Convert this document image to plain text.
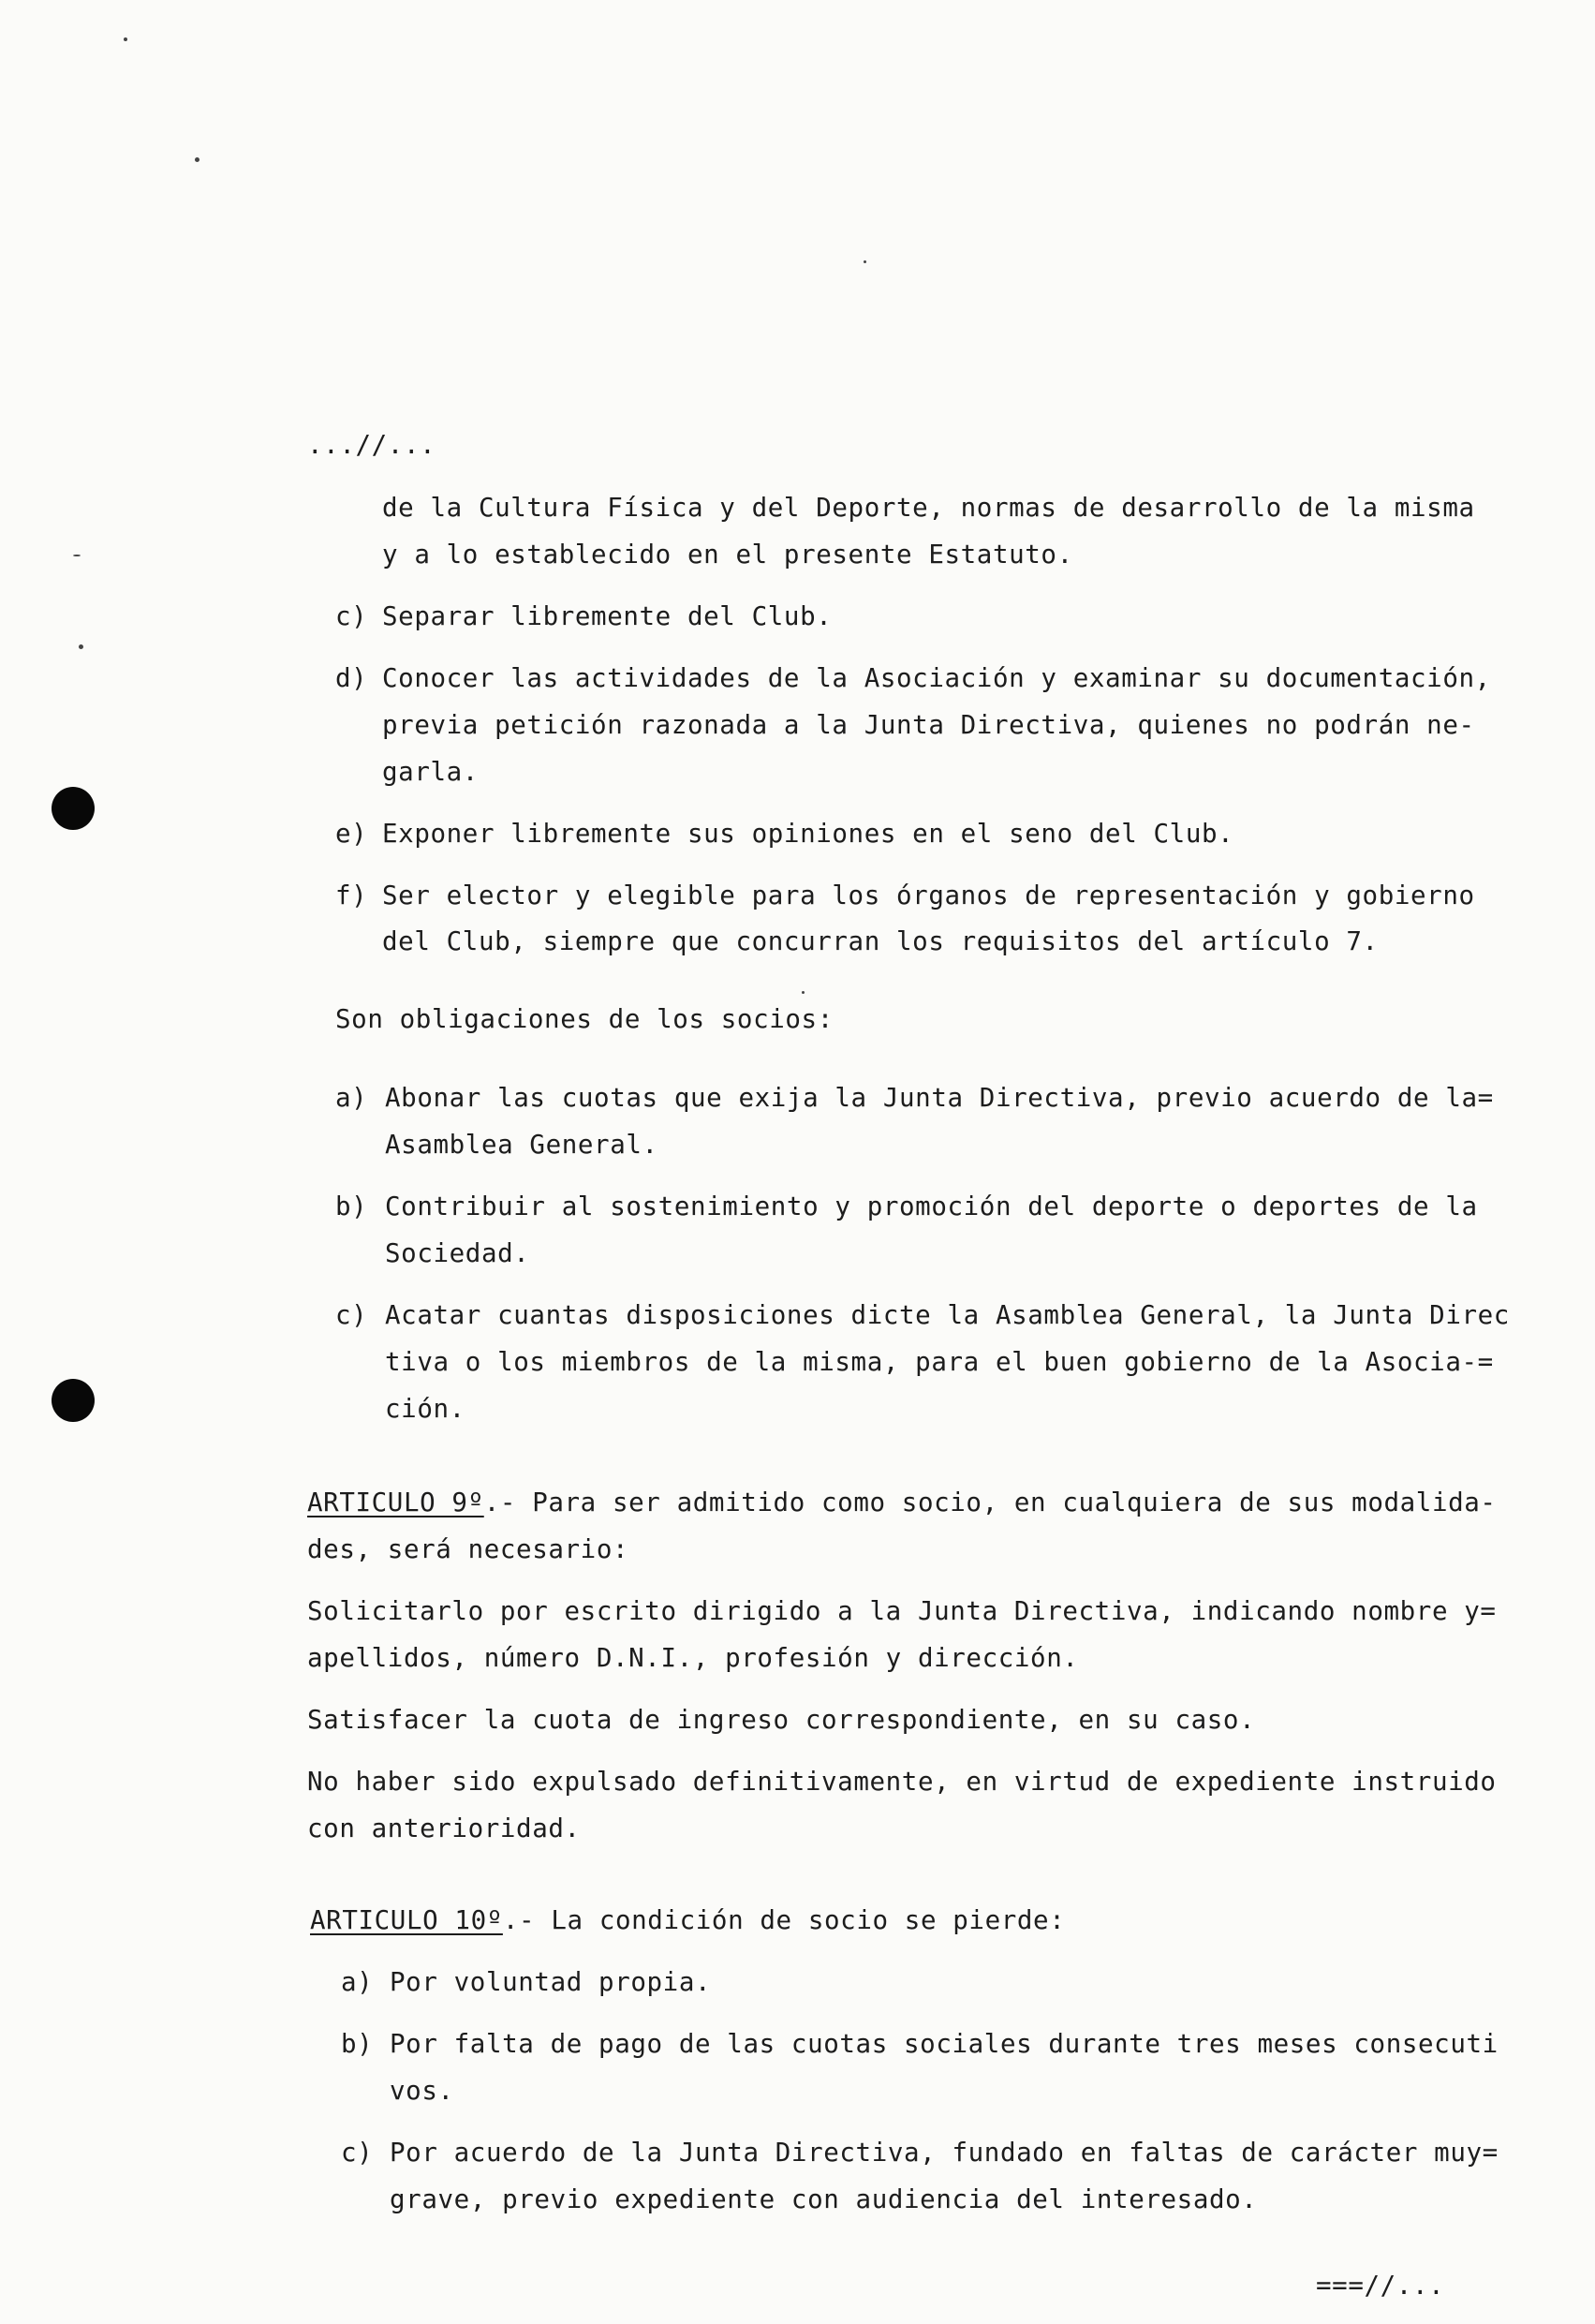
...//...
de la Cultura Física y del Deporte, normas de desarrollo de la misma
y a lo establecido en el presente Estatuto.
c) Separar libremente del Club.
d) Conocer las actividades de la Asociación y examinar su documentación,
previa petición razonada a la Junta Directiva, quienes no podrán ne-
garla.
e) Exponer libremente sus opiniones en el seno del Club.
f) Ser elector y elegible para los órganos de representación y gobierno
del Club, siempre que concurran los requisitos del artículo 7.
Son obligaciones de los socios:
a) Abonar las cuotas que exija la Junta Directiva, previo acuerdo de la=
Asamblea General.
b) Contribuir al sostenimiento y promoción del deporte o deportes de la
Sociedad.
c) Acatar cuantas disposiciones dicte la Asamblea General, la Junta Direc
tiva o los miembros de la misma, para el buen gobierno de la Asocia-=
ción.
ARTICULO 9º.- Para ser admitido como socio, en cualquiera de sus modalida-
des, será necesario:
Solicitarlo por escrito dirigido a la Junta Directiva, indicando nombre y=
apellidos, número D.N.I., profesión y dirección.
Satisfacer la cuota de ingreso correspondiente, en su caso.
No haber sido expulsado definitivamente, en virtud de expediente instruido
con anterioridad.
ARTICULO 10º.- La condición de socio se pierde:
a) Por voluntad propia.
b) Por falta de pago de las cuotas sociales durante tres meses consecuti
vos.
c) Por acuerdo de la Junta Directiva, fundado en faltas de carácter muy=
grave, previo expediente con audiencia del interesado.
===//...
